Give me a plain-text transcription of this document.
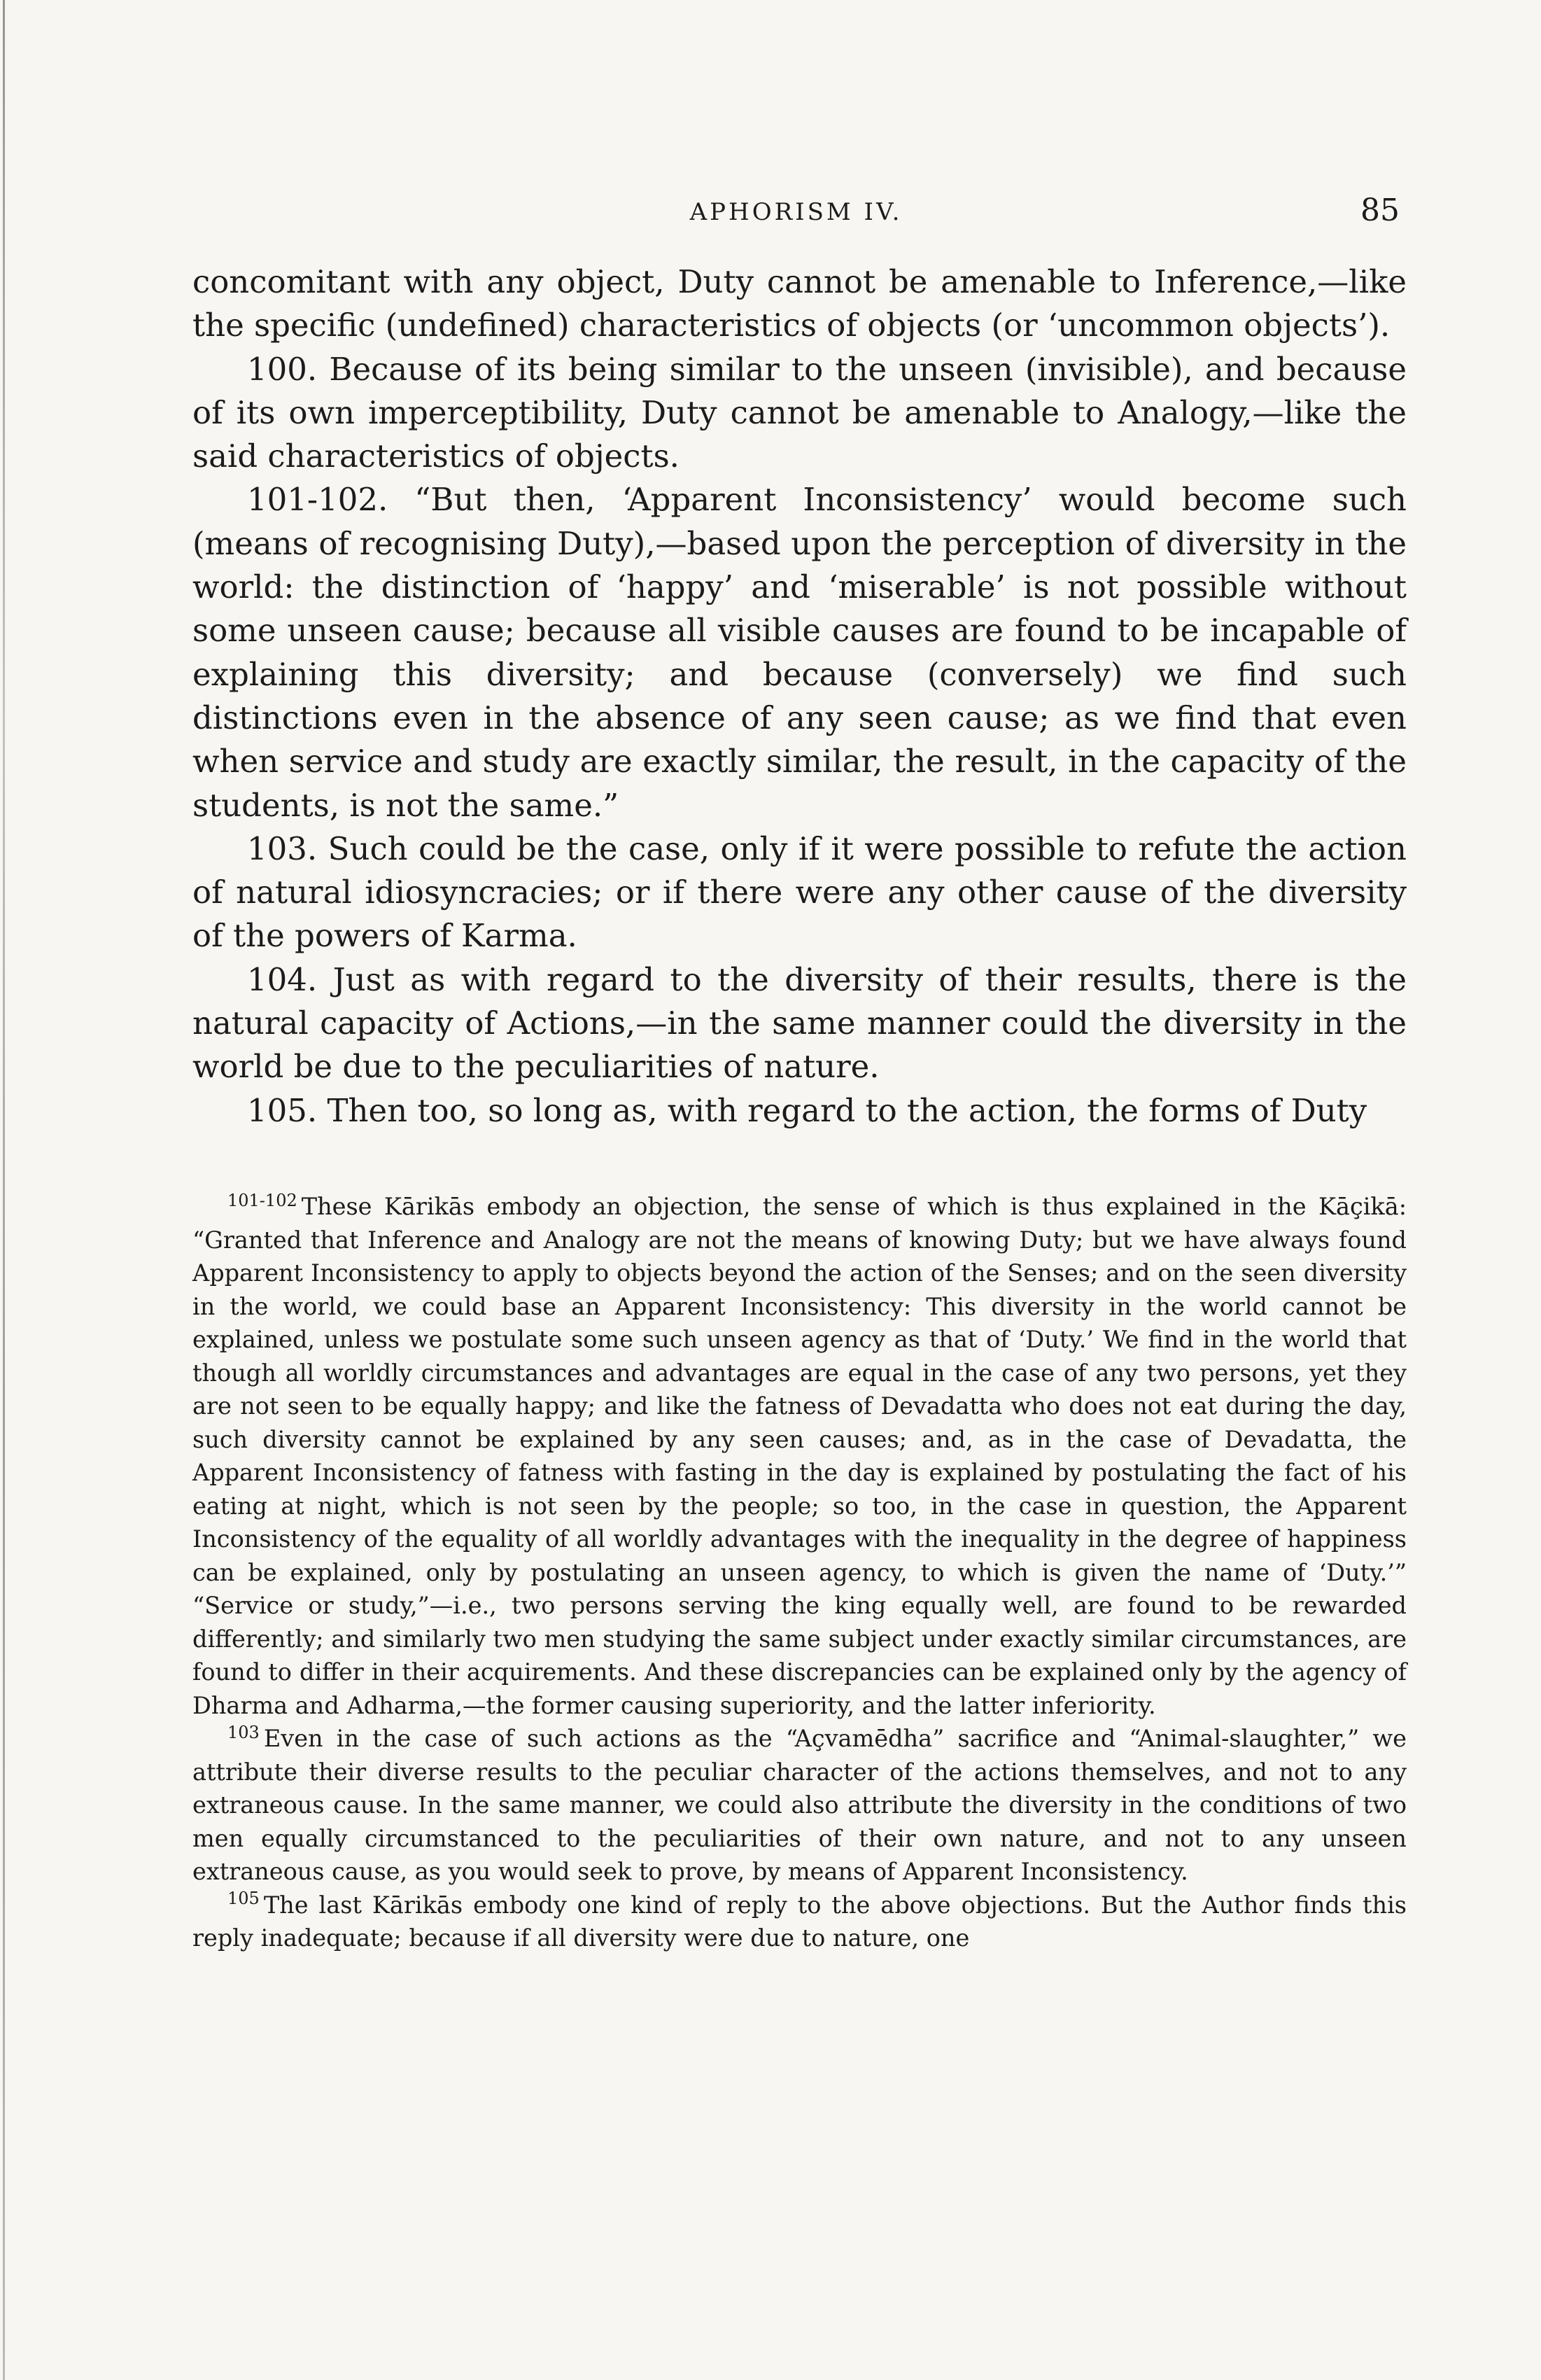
APHORISM IV.	85

concomitant with any object, Duty cannot be amenable to Inference,—like the specific (undefined) characteristics of objects (or ‘uncommon objects’).

100. Because of its being similar to the unseen (invisible), and because of its own imperceptibility, Duty cannot be amenable to Analogy,—like the said characteristics of objects.

101-102. “But then, ‘Apparent Inconsistency’ would become such (means of recognising Duty),—based upon the perception of diversity in the world: the distinction of ‘happy’ and ‘miserable’ is not possible without some unseen cause; because all visible causes are found to be incapable of explaining this diversity; and because (conversely) we find such distinctions even in the absence of any seen cause; as we find that even when service and study are exactly similar, the result, in the capacity of the students, is not the same.”

103. Such could be the case, only if it were possible to refute the action of natural idiosyncracies; or if there were any other cause of the diversity of the powers of Karma.

104. Just as with regard to the diversity of their results, there is the natural capacity of Actions,—in the same manner could the diversity in the world be due to the peculiarities of nature.

105. Then too, so long as, with regard to the action, the forms of Duty

$^{101-102}$ These Kārikās embody an objection, the sense of which is thus explained in the Kāçikā: “Granted that Inference and Analogy are not the means of knowing Duty; but we have always found Apparent Inconsistency to apply to objects beyond the action of the Senses; and on the seen diversity in the world, we could base an Apparent Inconsistency: This diversity in the world cannot be explained, unless we postulate some such unseen agency as that of ‘Duty.’ We find in the world that though all worldly circumstances and advantages are equal in the case of any two persons, yet they are not seen to be equally happy; and like the fatness of Devadatta who does not eat during the day, such diversity cannot be explained by any seen causes; and, as in the case of Devadatta, the Apparent Inconsistency of fatness with fasting in the day is explained by postulating the fact of his eating at night, which is not seen by the people; so too, in the case in question, the Apparent Inconsistency of the equality of all worldly advantages with the inequality in the degree of happiness can be explained, only by postulating an unseen agency, to which is given the name of ‘Duty.’” “Service or study,”—i.e., two persons serving the king equally well, are found to be rewarded differently; and similarly two men studying the same subject under exactly similar circumstances, are found to differ in their acquirements. And these discrepancies can be explained only by the agency of Dharma and Adharma,—the former causing superiority, and the latter inferiority.

$^{103}$ Even in the case of such actions as the “Açvamēdha” sacrifice and “Animal-slaughter,” we attribute their diverse results to the peculiar character of the actions themselves, and not to any extraneous cause. In the same manner, we could also attribute the diversity in the conditions of two men equally circumstanced to the peculiarities of their own nature, and not to any unseen extraneous cause, as you would seek to prove, by means of Apparent Inconsistency.

$^{105}$ The last Kārikās embody one kind of reply to the above objections. But the Author finds this reply inadequate; because if all diversity were due to nature, one
